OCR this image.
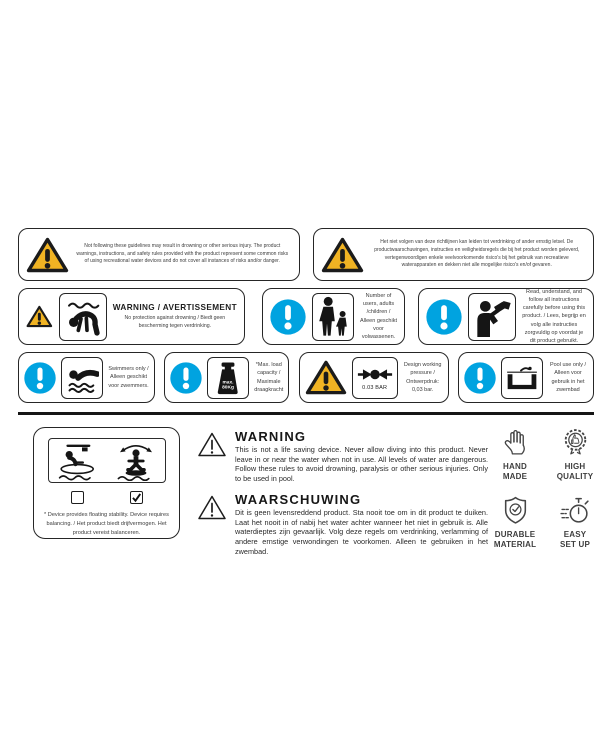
Not following these guidelines may result in drowning or other serious injury. The product warnings, instructions, and safety rules provided with the product represent some common risks of using recreational water devices and do not cover all instances of risks and/or danger.
Het niet volgen van deze richtlijnen kan leiden tot verdrinking of ander ernstig letsel. De productwaarschuwingen, instructies en veiligheidsregels die bij het product worden geleverd, vertegenwoordigen enkele veelvoorkomende risico's bij het gebruik van recreatieve waterapparaten en dekken niet alle mogelijke risico's en/of gevaren.
WARNING / AVERTISSEMENT
No protection against drowning / Biedt geen bescherming tegen verdrinking.
Number of users, adults /children / Alleen geschikt voor volwassenen.
Read, understand, and follow all instructions carefully before using this product. / Lees, begrijp en volg alle instructies zorgvuldig op voordat je dit product gebruikt.
Swimmers only / Alleen geschikt voor zwemmers.
max.
80Kg
*Max. load capacity / Maximale draagkracht	0.03 BAR
Design working pressure / Ontwerpdruk: 0,03 bar.
Pool use only / Alleen voor gebruik in het zwembad
* Device provides floating stability. Device requires balancing. / Het product biedt drijfvermogen. Het product vereist balanceren.
WARNING
This is not a life saving device. Never allow diving into this product. Never leave in or near the water when not in use. All levels of water are dangerous. Follow these rules to avoid drowning, paralysis or other serious injuries. Only to be used in pool.
WAARSCHUWING
Dit is geen levensreddend product. Sta nooit toe om in dit product te duiken. Laat het nooit in of nabij het water achter wanneer het niet in gebruik is. Alle waterdieptes zijn gevaarlijk. Volg deze regels om verdrinking, verlamming of andere ernstige verwondingen te voorkomen. Alleen te gebruiken in het zwembad.
HAND
MADE
HIGH
QUALITY
DURABLE
MATERIAL
EASY
SET UP
